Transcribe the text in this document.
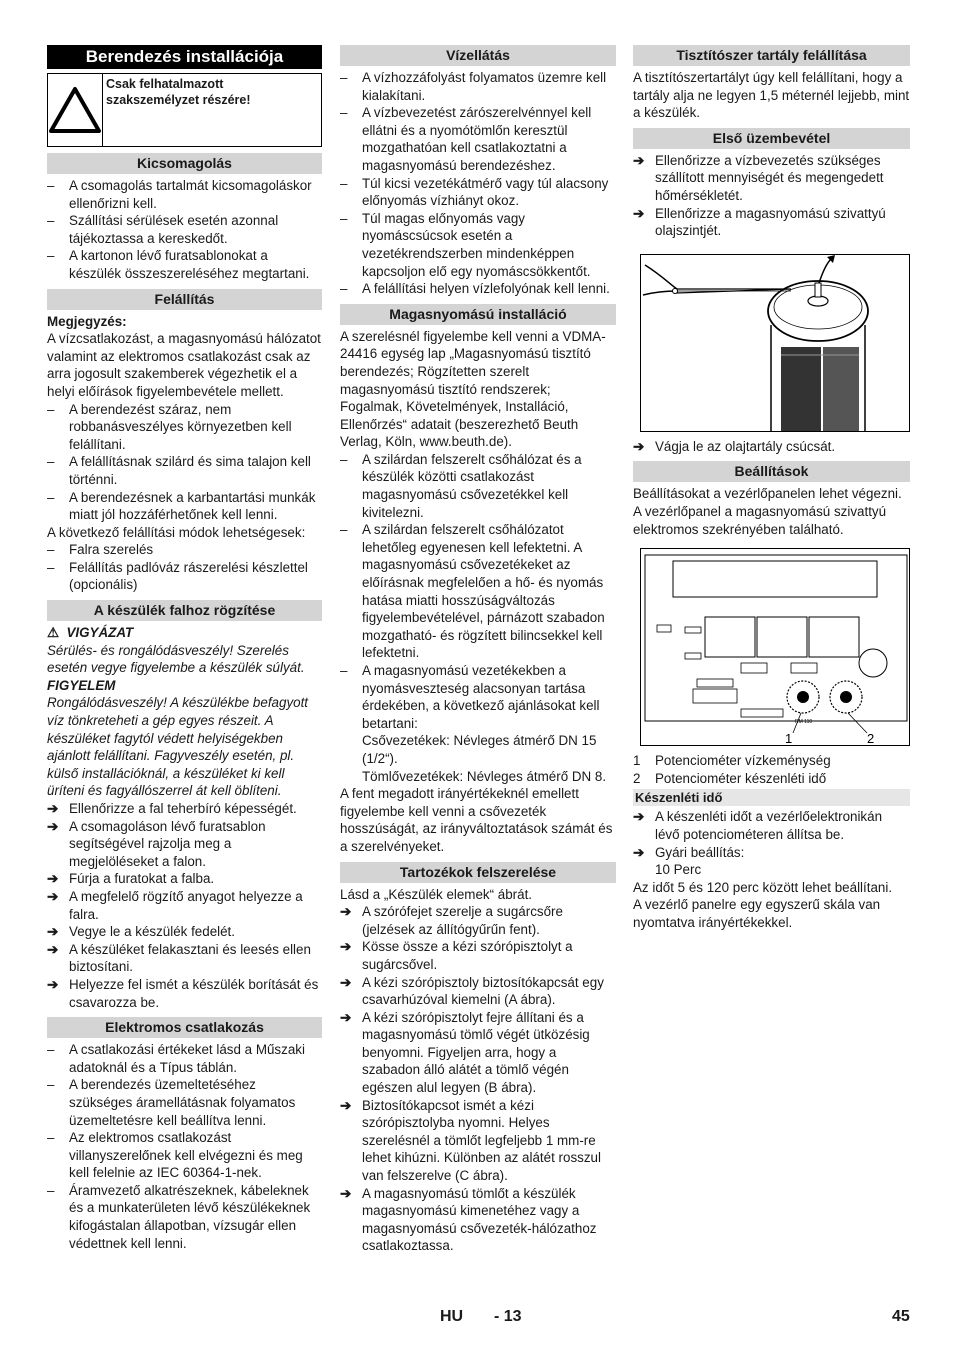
Berendezés installációja
Csak felhatalmazott szakszemélyzet részére!
Kicsomagolás
–	A csomagolás tartalmát kicsomagoláskor ellenőrizni kell.
–	Szállítási sérülések esetén azonnal tájékoztassa a kereskedőt.
–	A kartonon lévő furatsablonokat a készülék összeszereléséhez megtartani.
Felállítás

Megjegyzés:

A vízcsatlakozást, a magasnyomású hálózatot valamint az elektromos csatlakozást csak az arra jogosult szakemberek végezhetik el a helyi előírások figyelembevétele mellett.

–	A berendezést száraz, nem robbanásveszélyes környezetben kell felállítani.
–	A felállításnak szilárd és sima talajon kell történni.
–	A berendezésnek a karbantartási munkák miatt jól hozzáférhetőnek kell lenni.

A következő felállítási módok lehetségesek:

–	Falra szerelés
–	Felállítás padlóváz rászerelési készlettel (opcionális)
A készülék falhoz rögzítése

⚠ VIGYÁZAT

Sérülés- és rongálódásveszély! Szerelés esetén vegye figyelembe a készülék súlyát.

FIGYELEM

Rongálódásveszély! A készülékbe befagyott víz tönkreteheti a gép egyes részeit. A készüléket fagytól védett helyiségekben ajánlott felállítani. Fagyveszély esetén, pl. külső installációknál, a készüléket ki kell üríteni és fagyállószerrel át kell öblíteni.

➔ Ellenőrizze a fal teherbíró képességét.
➔ A csomagoláson lévő furatsablon segítségével rajzolja meg a megjelöléseket a falon.
➔ Fúrja a furatokat a falba.
➔ A megfelelő rögzítő anyagot helyezze a falra.
➔ Vegye le a készülék fedelét.
➔ A készüléket felakasztani és leesés ellen biztosítani.
➔ Helyezze fel ismét a készülék borítását és csavarozza be.
Elektromos csatlakozás
–	A csatlakozási értékeket lásd a Műszaki adatoknál és a Típus táblán.
–	A berendezés üzemeltetéséhez szükséges áramellátásnak folyamatos üzemeltetésre kell beállítva lenni.
–	Az elektromos csatlakozást villanyszerelőnek kell elvégezni és meg kell felelnie az IEC 60364-1-nek.
–	Áramvezető alkatrészeknek, kábeleknek és a munkaterületen lévő készülékeknek kifogástalan állapotban, vízsugár ellen védettnek kell lenni.
Vízellátás
–	A vízhozzáfolyást folyamatos üzemre kell kialakítani.
–	A vízbevezetést zárószerelvénnyel kell ellátni és a nyomótömlőn keresztül mozgathatóan kell csatlakoztatni a magasnyomású berendezéshez.
–	Túl kicsi vezetékátmérő vagy túl alacsony előnyomás vízhiányt okoz.
–	Túl magas előnyomás vagy nyomáscsúcsok esetén a vezetékrendszerben mindenképpen kapcsoljon elő egy nyomáscsökkentőt.
–	A felállítási helyen vízlefolyónak kell lenni.
Magasnyomású installáció

A szerelésnél figyelembe kell venni a VDMA-24416 egység lap „Magasnyomású tisztító berendezés; Rögzítetten szerelt magasnyomású tisztító rendszerek; Fogalmak, Követelmények, Installáció, Ellenőrzés“ adatait (beszerezhető Beuth Verlag, Köln, www.beuth.de).

–	A szilárdan felszerelt csőhálózat és a készülék közötti csatlakozást magasnyomású csővezetékkel kell kivitelezni.
–	A szilárdan felszerelt csőhálózatot lehetőleg egyenesen kell lefektetni. A magasnyomású csővezetékeket az előírásnak megfelelően a hő- és nyomás hatása miatti hosszúságváltozás figyelembevételével, párnázott szabadon mozgatható- és rögzített bilincsekkel kell lefektetni.
–	A magasnyomású vezetékekben a nyomásveszteség alacsonyan tartása érdekében, a következő ajánlásokat kell betartani:

Csővezetékek: Névleges átmérő DN 15 (1/2“).

Tömlővezetékek: Névleges átmérő DN 8.

A fent megadott irányértékeknél emellett figyelembe kell venni a csővezeték hosszúságát, az irányváltoztatások számát és a szerelvényeket.

Tartozékok felszerelése

Lásd a „Készülék elemek“ ábrát.

➔ A szórófejet szerelje a sugárcsőre (jelzések az állítógyűrűn fent).
➔ Kösse össze a kézi szórópisztolyt a sugárcsővel.
➔ A kézi szórópisztoly biztosítókapcsát egy csavarhúzóval kiemelni (A ábra).
➔ A kézi szórópisztolyt fejre állítani és a magasnyomású tömlő végét ütközésig benyomni. Figyeljen arra, hogy a szabadon álló alátét a tömlő végén egészen alul legyen (B ábra).
➔ Biztosítókapcsot ismét a kézi szórópisztolyba nyomni. Helyes szerelésnél a tömlőt legfeljebb 1 mm-re lehet kihúzni. Különben az alátét rosszul van felszerelve (C ábra).
➔ A magasnyomású tömlőt a készülék magasnyomású kimenetéhez vagy a magasnyomású csővezeték-hálózathoz csatlakoztassa.
Tisztítószer tartály felállítása

A tisztítószertartályt úgy kell felállítani, hogy a tartály alja ne legyen 1,5 méternél lejjebb, mint a készülék.

Első üzembevétel
➔ Ellenőrizze a vízbevezetés szükséges szállított mennyiségét és megengedett hőmérsékletét.
➔ Ellenőrizze a magasnyomású szivattyú olajszintjét.
➔ Vágja le az olajtartály csúcsát.
Beállítások

Beállításokat a vezérlőpanelen lehet végezni.

A vezérlőpanel a magasnyomású szivattyú elektromos szekrényében található.

RM 110
1	2
1	Potenciométer vízkeménység
2	Potenciométer készenléti idő
Készenléti idő
➔ A készenléti időt a vezérlőelektronikán lévő potenciométeren állítsa be.
➔ Gyári beállítás:

10 Perc

Az időt 5 és 120 perc között lehet beállítani.

A vezérlő panelre egy egyszerű skála van nyomtatva irányértékekkel.

HU - 13	45
